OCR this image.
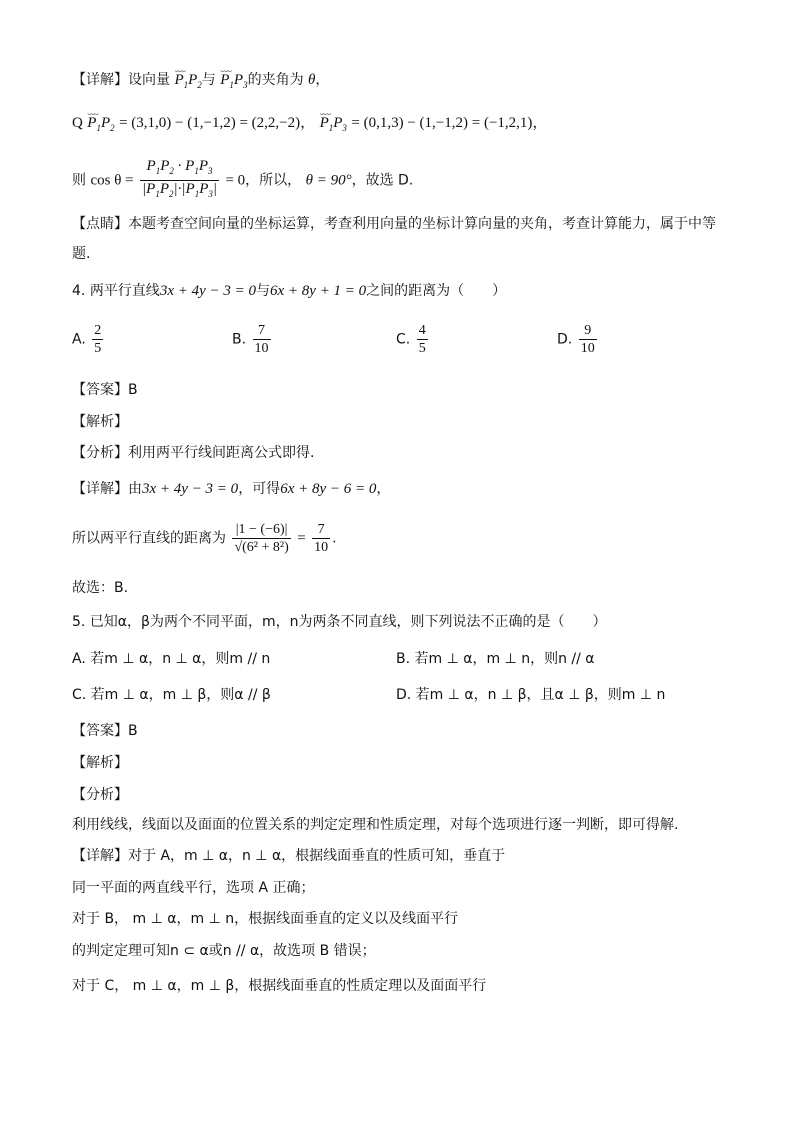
【详解】设向量 ⌣⌣⌣ $P_1P_2$与 ⌣⌣⌣ $P_1P_3$的夹角为 θ，
Q ⌣⌣⌣ $P_1P_2 = (3,1,0) - (1,-1,2) = (2,2,-2)$， ⌣⌣⌣ $P_1P_3 = (0,1,3) - (1,-1,2) = (-1,2,1)$，
则 $\cos \theta = \frac{P_1P_2 \cdot P_1P_3}{|P_1P_2|\cdot|P_1P_3|} = 0$，所以， θ = 90°，故选 D.
【点睛】本题考查空间向量的坐标运算，考查利用向量的坐标计算向量的夹角，考查计算能力，属于中等
题.
4. 两平行直线3x + 4y − 3 = 0与6x + 8y + 1 = 0之间的距离为（　　）
A. $\frac{2}{5}$	B. $\frac{7}{10}$	C. $\frac{4}{5}$	D. $\frac{9}{10}$
【答案】B
【解析】
【分析】利用两平行线间距离公式即得.
【详解】由3x + 4y − 3 = 0，可得6x + 8y − 6 = 0，
所以两平行直线的距离为 $\frac{|1 - (-6)|}{\text{√(6² + 8²)}} = \frac{7}{10}$ .
故选：B.
5. 已知α，β为两个不同平面，m，n为两条不同直线，则下列说法不正确的是（　　）
A. 若m ⊥ α，n ⊥ α，则m // n	B. 若m ⊥ α，m ⊥ n，则n // α
C. 若m ⊥ α，m ⊥ β，则α // β	D. 若m ⊥ α，n ⊥ β，且α ⊥ β，则m ⊥ n
【答案】B
【解析】
【分析】
利用线线，线面以及面面的位置关系的判定定理和性质定理，对每个选项进行逐一判断，即可得解.
【详解】对于 A，m ⊥ α，n ⊥ α，根据线面垂直的性质可知，垂直于
同一平面的两直线平行，选项 A 正确；
对于 B， m ⊥ α，m ⊥ n，根据线面垂直的定义以及线面平行
的判定定理可知n ⊂ α或n // α，故选项 B 错误；
对于 C， m ⊥ α，m ⊥ β，根据线面垂直的性质定理以及面面平行
